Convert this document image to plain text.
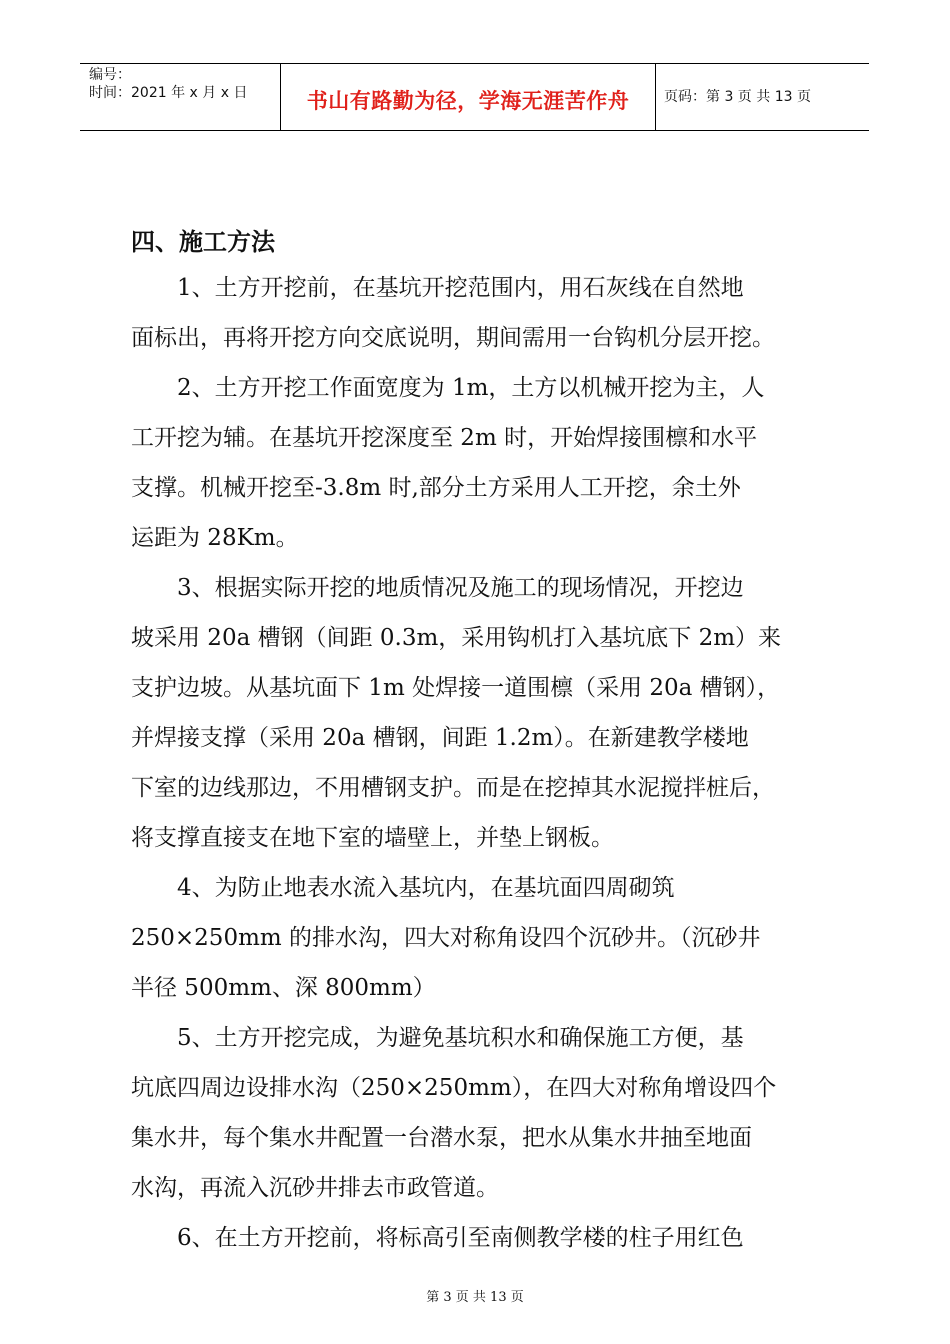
编号：
时间：2021 年 x 月 x 日	书山有路勤为径，学海无涯苦作舟	页码：第 3 页 共 13 页
四、施工方法
1、土方开挖前，在基坑开挖范围内，用石灰线在自然地
面标出，再将开挖方向交底说明，期间需用一台钩机分层开挖。
2、土方开挖工作面宽度为 1m，土方以机械开挖为主，人
工开挖为辅。在基坑开挖深度至 2m 时，开始焊接围檩和水平
支撑。机械开挖至-3.8m 时,部分土方采用人工开挖，余土外
运距为 28Km。
3、根据实际开挖的地质情况及施工的现场情况，开挖边
坡采用 20a 槽钢（间距 0.3m，采用钩机打入基坑底下 2m）来
支护边坡。从基坑面下 1m 处焊接一道围檩（采用 20a 槽钢），
并焊接支撑（采用 20a 槽钢，间距 1.2m）。在新建教学楼地
下室的边线那边，不用槽钢支护。而是在挖掉其水泥搅拌桩后，
将支撑直接支在地下室的墙壁上，并垫上钢板。
4、为防止地表水流入基坑内，在基坑面四周砌筑
250×250mm 的排水沟，四大对称角设四个沉砂井。（沉砂井
半径 500mm、深 800mm）
5、土方开挖完成，为避免基坑积水和确保施工方便，基
坑底四周边设排水沟（250×250mm），在四大对称角增设四个
集水井，每个集水井配置一台潜水泵，把水从集水井抽至地面
水沟，再流入沉砂井排去市政管道。
6、在土方开挖前，将标高引至南侧教学楼的柱子用红色
第 3 页 共 13 页
